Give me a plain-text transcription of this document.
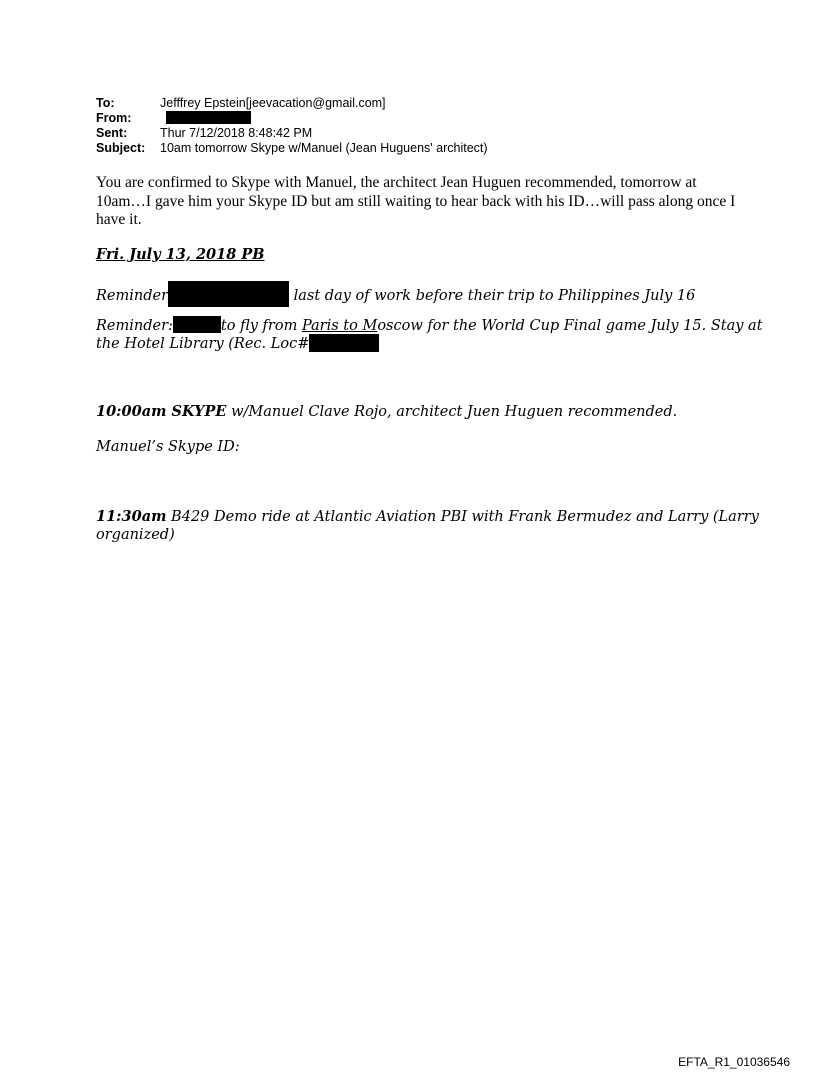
To:	Jefffrey Epstein[jeevacation@gmail.com]
From:
Sent:	Thur 7/12/2018 8:48:42 PM
Subject:	10am tomorrow Skype w/Manuel (Jean Huguens' architect)
You are confirmed to Skype with Manuel, the architect Jean Huguen recommended, tomorrow at 10am…I gave him your Skype ID but am still waiting to hear back with his ID…will pass along once I have it.
Fri. July 13, 2018 PB
Reminder	last day of work before their trip to Philippines July 16
Reminder:	to fly from Paris to Moscow for the World Cup Final game July 15. Stay at
the Hotel Library (Rec. Loc#
10:00am SKYPE w/Manuel Clave Rojo, architect Juen Huguen recommended.
Manuel’s Skype ID:
11:30am B429 Demo ride at Atlantic Aviation PBI with Frank Bermudez and Larry (Larry
organized)
EFTA_R1_01036546
